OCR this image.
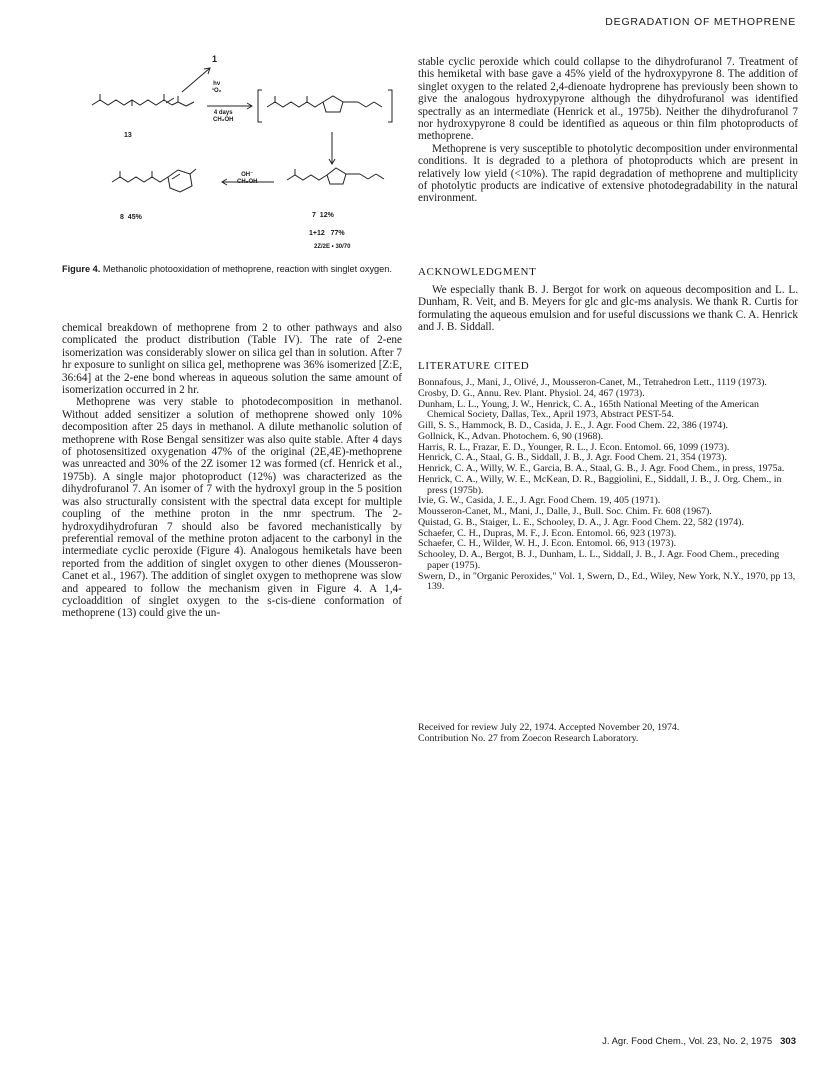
DEGRADATION OF METHOPRENE
1
hν
¹O₂
4 days
CH₃OH
13
OH⁻
CH₃OH
8 45%	7 12%
1+12 77%
2Z/2E • 30/70
Figure 4. Methanolic photooxidation of methoprene, reaction with singlet oxygen.

chemical breakdown of methoprene from 2 to other pathways and also complicated the product distribution (Table IV). The rate of 2-ene isomerization was considerably slower on silica gel than in solution. After 7 hr exposure to sunlight on silica gel, methoprene was 36% isomerized [Z:E, 36:64] at the 2-ene bond whereas in aqueous solution the same amount of isomerization occurred in 2 hr.

Methoprene was very stable to photodecomposition in methanol. Without added sensitizer a solution of methoprene showed only 10% decomposition after 25 days in methanol. A dilute methanolic solution of methoprene with Rose Bengal sensitizer was also quite stable. After 4 days of photosensitized oxygenation 47% of the original (2E,4E)-methoprene was unreacted and 30% of the 2Z isomer 12 was formed (cf. Henrick et al., 1975b). A single major photoproduct (12%) was characterized as the dihydrofuranol 7. An isomer of 7 with the hydroxyl group in the 5 position was also structurally consistent with the spectral data except for multiple coupling of the methine proton in the nmr spectrum. The 2-hydroxydihydrofuran 7 should also be favored mechanistically by preferential removal of the methine proton adjacent to the carbonyl in the intermediate cyclic peroxide (Figure 4). Analogous hemiketals have been reported from the addition of singlet oxygen to other dienes (Mousseron-Canet et al., 1967). The addition of singlet oxygen to methoprene was slow and appeared to follow the mechanism given in Figure 4. A 1,4-cycloaddition of singlet oxygen to the s-cis-diene conformation of methoprene (13) could give the un-

stable cyclic peroxide which could collapse to the dihydrofuranol 7. Treatment of this hemiketal with base gave a 45% yield of the hydroxypyrone 8. The addition of singlet oxygen to the related 2,4-dienoate hydroprene has previously been shown to give the analogous hydroxypyrone although the dihydrofuranol was identified spectrally as an intermediate (Henrick et al., 1975b). Neither the dihydrofuranol 7 nor hydroxypyrone 8 could be identified as aqueous or thin film photoproducts of methoprene.

Methoprene is very susceptible to photolytic decomposition under environmental conditions. It is degraded to a plethora of photoproducts which are present in relatively low yield (<10%). The rapid degradation of methoprene and multiplicity of photolytic products are indicative of extensive photodegradability in the natural environment.

ACKNOWLEDGMENT

We especially thank B. J. Bergot for work on aqueous decomposition and L. L. Dunham, R. Veit, and B. Meyers for glc and glc-ms analysis. We thank R. Curtis for formulating the aqueous emulsion and for useful discussions we thank C. A. Henrick and J. B. Siddall.

LITERATURE CITED
Bonnafous, J., Mani, J., Olivé, J., Mousseron-Canet, M., Tetrahedron Lett., 1119 (1973).
Crosby, D. G., Annu. Rev. Plant. Physiol. 24, 467 (1973).
Dunham, L. L., Young, J. W., Henrick, C. A., 165th National Meeting of the American Chemical Society, Dallas, Tex., April 1973, Abstract PEST-54.
Gill, S. S., Hammock, B. D., Casida, J. E., J. Agr. Food Chem. 22, 386 (1974).
Gollnick, K., Advan. Photochem. 6, 90 (1968).
Harris, R. L., Frazar, E. D., Younger, R. L., J. Econ. Entomol. 66, 1099 (1973).
Henrick, C. A., Staal, G. B., Siddall, J. B., J. Agr. Food Chem. 21, 354 (1973).
Henrick, C. A., Willy, W. E., Garcia, B. A., Staal, G. B., J. Agr. Food Chem., in press, 1975a.
Henrick, C. A., Willy, W. E., McKean, D. R., Baggiolini, E., Siddall, J. B., J. Org. Chem., in press (1975b).
Ivie, G. W., Casida, J. E., J. Agr. Food Chem. 19, 405 (1971).
Mousseron-Canet, M., Mani, J., Dalle, J., Bull. Soc. Chim. Fr. 608 (1967).
Quistad, G. B., Staiger, L. E., Schooley, D. A., J. Agr. Food Chem. 22, 582 (1974).
Schaefer, C. H., Dupras, M. F., J. Econ. Entomol. 66, 923 (1973).
Schaefer, C. H., Wilder, W. H., J. Econ. Entomol. 66, 913 (1973).
Schooley, D. A., Bergot, B. J., Dunham, L. L., Siddall, J. B., J. Agr. Food Chem., preceding paper (1975).
Swern, D., in "Organic Peroxides," Vol. 1, Swern, D., Ed., Wiley, New York, N.Y., 1970, pp 13, 139.
Received for review July 22, 1974. Accepted November 20, 1974.
Contribution No. 27 from Zoecon Research Laboratory.
J. Agr. Food Chem., Vol. 23, No. 2, 1975 303
